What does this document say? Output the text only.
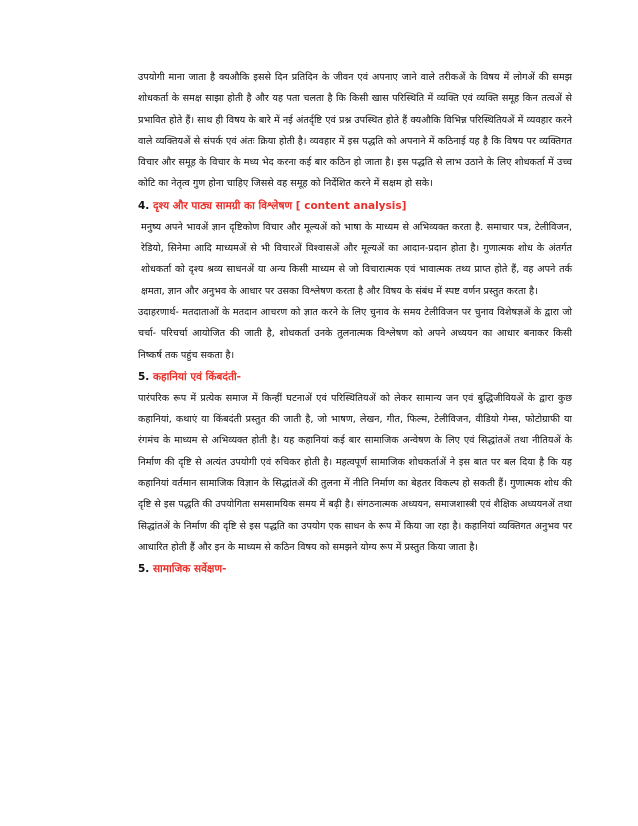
उपयोगी माना जाता है क्यऔकि इससे दिन प्रतिदिन के जीवन एवं अपनाए जाने वाले तरीकअें के विषय में लोगअें की समझ शोधकर्ता के समक्ष साझा होती है और यह पता चलता है कि किसी खास परिस्थिति में व्यक्ति एवं व्यक्ति समूह किन तत्वअें से प्रभावित होते हैं। साथ ही विषय के बारे में नई अंतर्दृष्टि एवं प्रश्न उपस्थित होते हैं क्यऔकि विभिन्न परिस्थितियअें में व्यवहार करने वाले व्यक्तियअें से संपर्क एवं अंतः क्रिया होती है। व्यवहार में इस पद्धति को अपनाने में कठिनाई यह है कि विषय पर व्यक्तिगत विचार और समूह के विचार के मध्य भेद करना कई बार कठिन हो जाता है। इस पद्धति से लाभ उठाने के लिए शोधकर्ता में उच्च कोटि का नेतृत्व गुण होना चाहिए जिससे वह समूह को निर्देशित करने में सक्षम हो सके।

4. दृश्य और पाठ्य सामग्री का विश्लेषण [ content analysis]

मनुष्य अपने भावअें ज्ञान दृष्टिकोण विचार और मूल्यअें को भाषा के माध्यम से अभिव्यक्त करता है. समाचार पत्र, टेलीविजन, रेडियो, सिनेमा आदि माध्यमअें से भी विचारअें विश्वासअें और मूल्यअें का आदान-प्रदान होता है। गुणात्मक शोध के अंतर्गत शोधकर्ता को दृश्य श्रव्य साधनअें या अन्य किसी माध्यम से जो विचारात्मक एवं भावात्मक तथ्य प्राप्त होते हैं, वह अपने तर्क क्षमता, ज्ञान और अनुभव के आधार पर उसका विश्लेषण करता है और विषय के संबंध में स्पष्ट वर्णन प्रस्तुत करता है।

उदाहरणार्थ- मतदाताओं के मतदान आचरण को ज्ञात करने के लिए चुनाव के समय टेलीविजन पर चुनाव विशेषज्ञअें के द्वारा जो चर्चा- परिचर्चा आयोजित की जाती है, शोधकर्ता उनके तुलनात्मक विश्लेषण को अपने अध्ययन का आधार बनाकर किसी निष्कर्ष तक पहुंच सकता है।

5. कहानियां एवं किंबदंती-

पारंपरिक रूप में प्रत्येक समाज में किन्हीं घटनाअें एवं परिस्थितियअें को लेकर सामान्य जन एवं बुद्धिजीवियअें के द्वारा कुछ कहानियां, कथाएं या किंबदंती प्रस्तुत की जाती है, जो भाषण, लेखन, गीत, फिल्म, टेलीविजन, वीडियो गेम्स, फोटोग्राफी या रंगमंच के माध्यम से अभिव्यक्त होती है। यह कहानियां कई बार सामाजिक अन्वेषण के लिए एवं सिद्धांतअें तथा नीतियअें के निर्माण की दृष्टि से अत्यंत उपयोगी एवं रुचिकर होती है। महत्वपूर्ण सामाजिक शोधकर्ताअें ने इस बात पर बल दिया है कि यह कहानियां वर्तमान सामाजिक विज्ञान के सिद्धांतअें की तुलना में नीति निर्माण का बेहतर विकल्प हो सकती हैं। गुणात्मक शोध की दृष्टि से इस पद्धति की उपयोगिता समसामयिक समय में बढ़ी है। संगठनात्मक अध्ययन, समाजशास्त्री एवं शैक्षिक अध्ययनअें तथा सिद्धांतअें के निर्माण की दृष्टि से इस पद्धति का उपयोग एक साधन के रूप में किया जा रहा है। कहानियां व्यक्तिगत अनुभव पर आधारित होती हैं और इन के माध्यम से कठिन विषय को समझने योग्य रूप में प्रस्तुत किया जाता है।

5. सामाजिक सर्वेक्षण-
